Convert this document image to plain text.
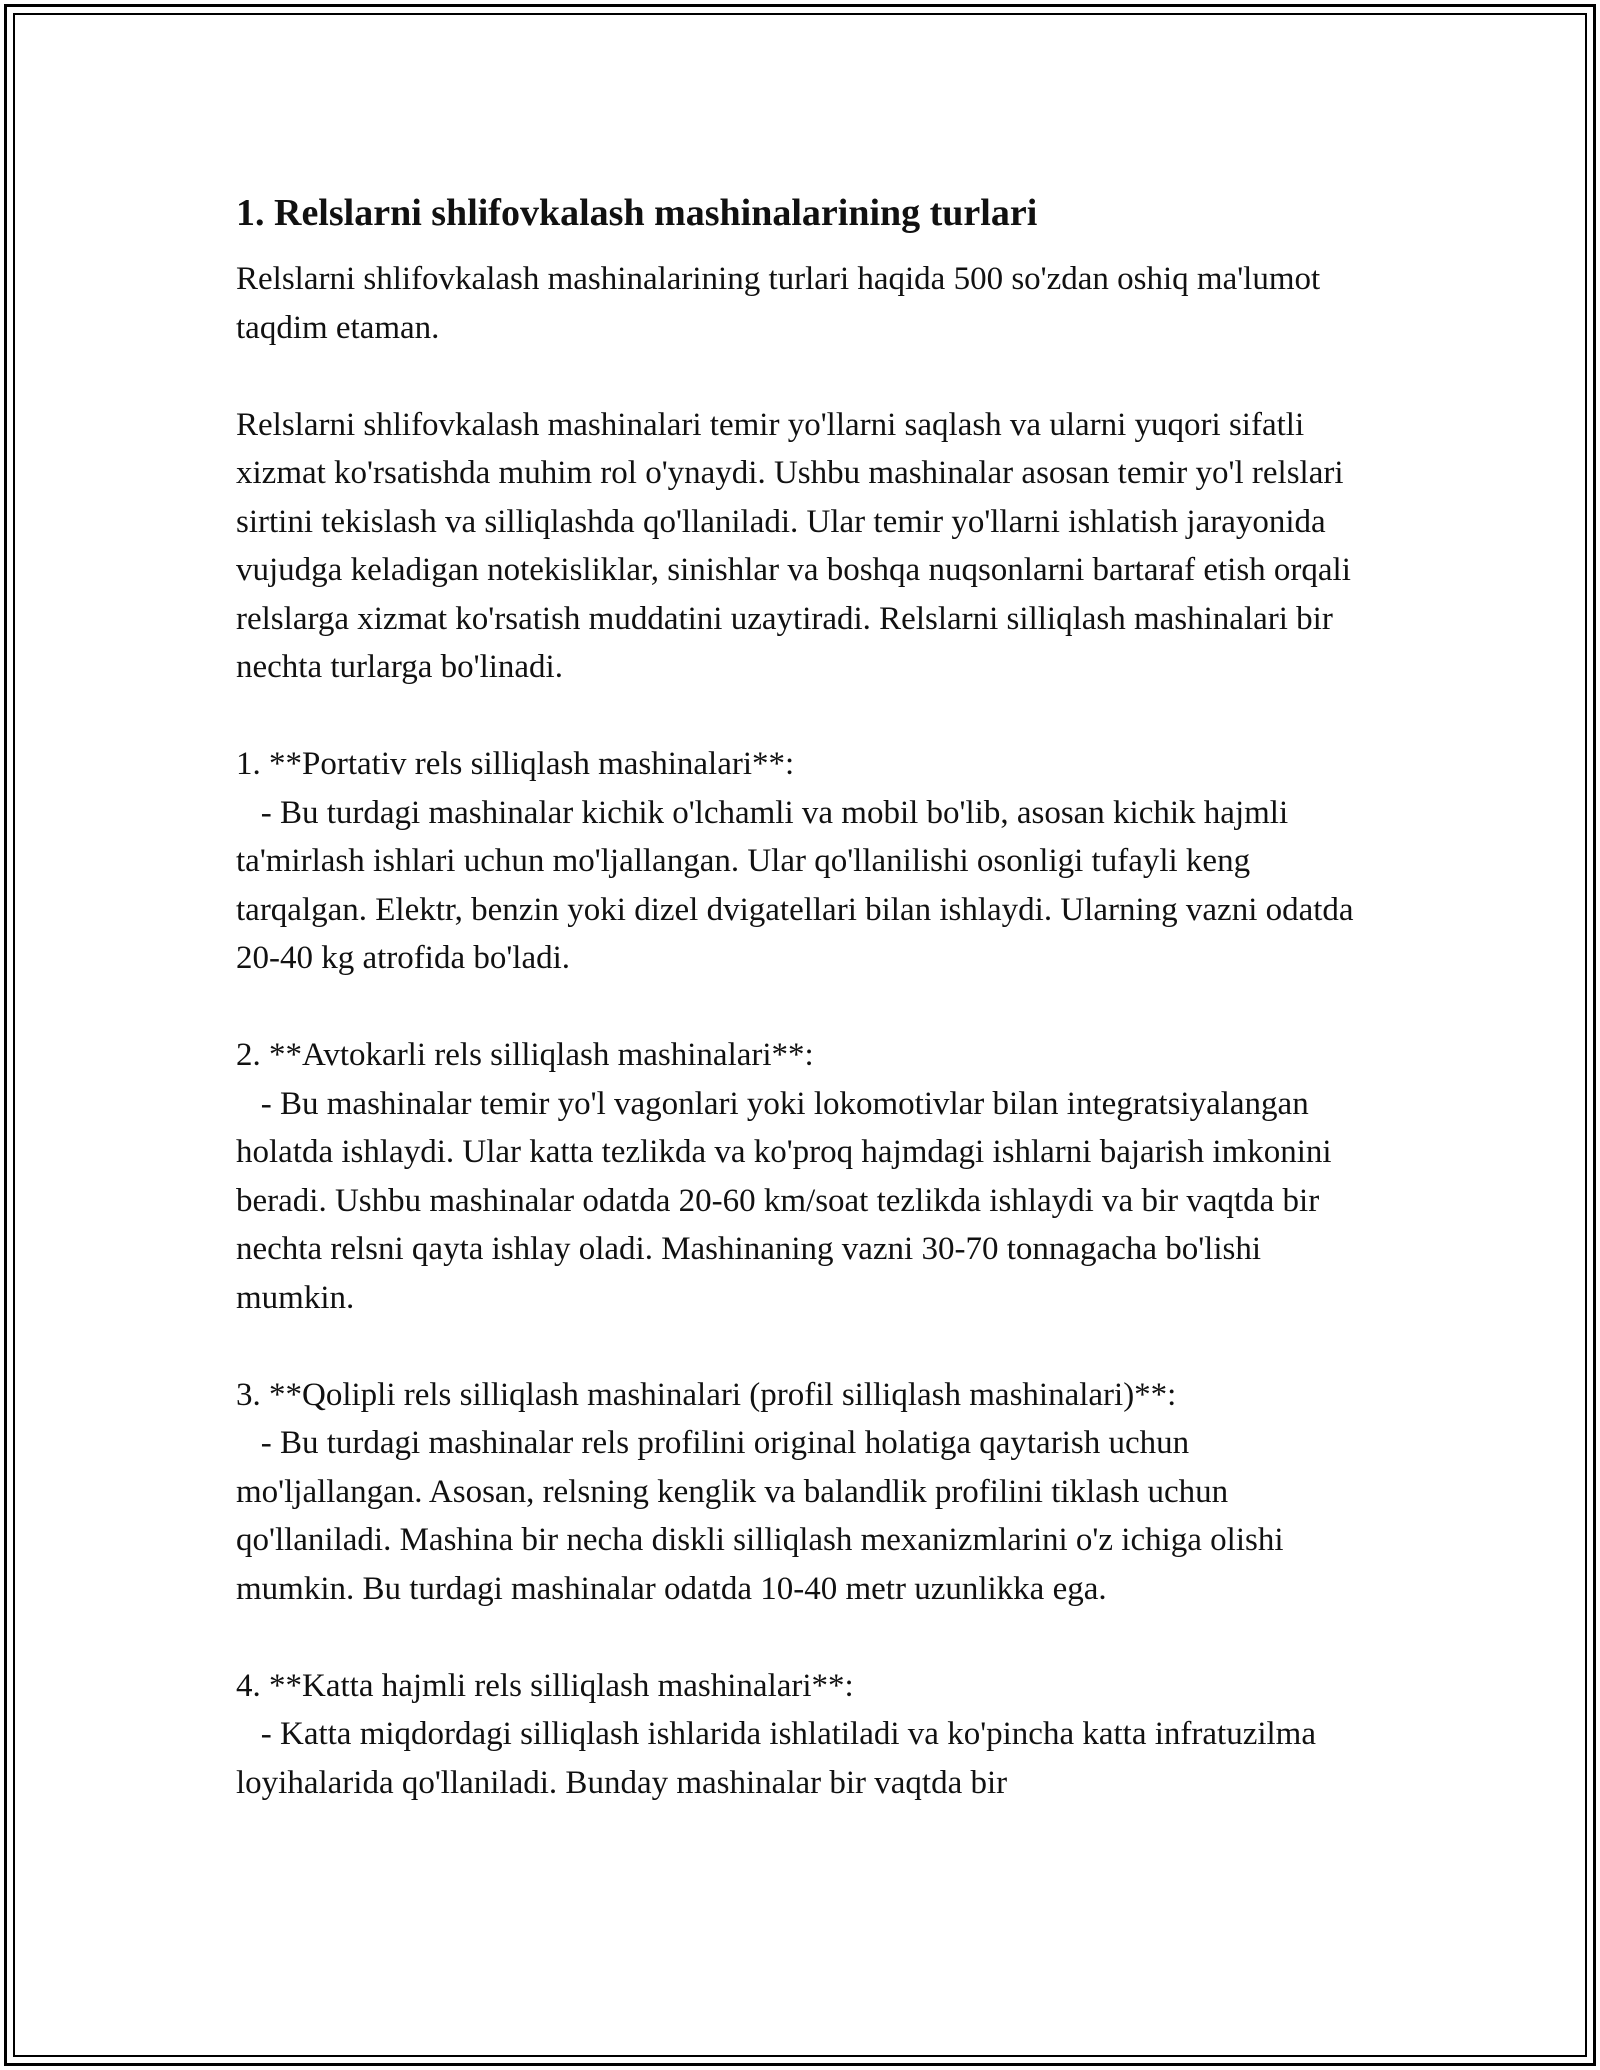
1. Relslarni shlifovkalash mashinalarining turlari

Relslarni shlifovkalash mashinalarining turlari haqida 500 so'zdan oshiq ma'lumot taqdim etaman.

Relslarni shlifovkalash mashinalari temir yo'llarni saqlash va ularni yuqori sifatli xizmat ko'rsatishda muhim rol o'ynaydi. Ushbu mashinalar asosan temir yo'l relslari sirtini tekislash va silliqlashda qo'llaniladi. Ular temir yo'llarni ishlatish jarayonida vujudga keladigan notekisliklar, sinishlar va boshqa nuqsonlarni bartaraf etish orqali relslarga xizmat ko'rsatish muddatini uzaytiradi. Relslarni silliqlash mashinalari bir nechta turlarga bo'linadi.

1. **Portativ rels silliqlash mashinalari**:
- Bu turdagi mashinalar kichik o'lchamli va mobil bo'lib, asosan kichik hajmli ta'mirlash ishlari uchun mo'ljallangan. Ular qo'llanilishi osonligi tufayli keng tarqalgan. Elektr, benzin yoki dizel dvigatellari bilan ishlaydi. Ularning vazni odatda 20-40 kg atrofida bo'ladi.

2. **Avtokarli rels silliqlash mashinalari**:
- Bu mashinalar temir yo'l vagonlari yoki lokomotivlar bilan integratsiyalangan holatda ishlaydi. Ular katta tezlikda va ko'proq hajmdagi ishlarni bajarish imkonini beradi. Ushbu mashinalar odatda 20-60 km/soat tezlikda ishlaydi va bir vaqtda bir nechta relsni qayta ishlay oladi. Mashinaning vazni 30-70 tonnagacha bo'lishi mumkin.

3. **Qolipli rels silliqlash mashinalari (profil silliqlash mashinalari)**:
- Bu turdagi mashinalar rels profilini original holatiga qaytarish uchun mo'ljallangan. Asosan, relsning kenglik va balandlik profilini tiklash uchun qo'llaniladi. Mashina bir necha diskli silliqlash mexanizmlarini o'z ichiga olishi mumkin. Bu turdagi mashinalar odatda 10-40 metr uzunlikka ega.

4. **Katta hajmli rels silliqlash mashinalari**:
- Katta miqdordagi silliqlash ishlarida ishlatiladi va ko'pincha katta infratuzilma loyihalarida qo'llaniladi. Bunday mashinalar bir vaqtda bir
